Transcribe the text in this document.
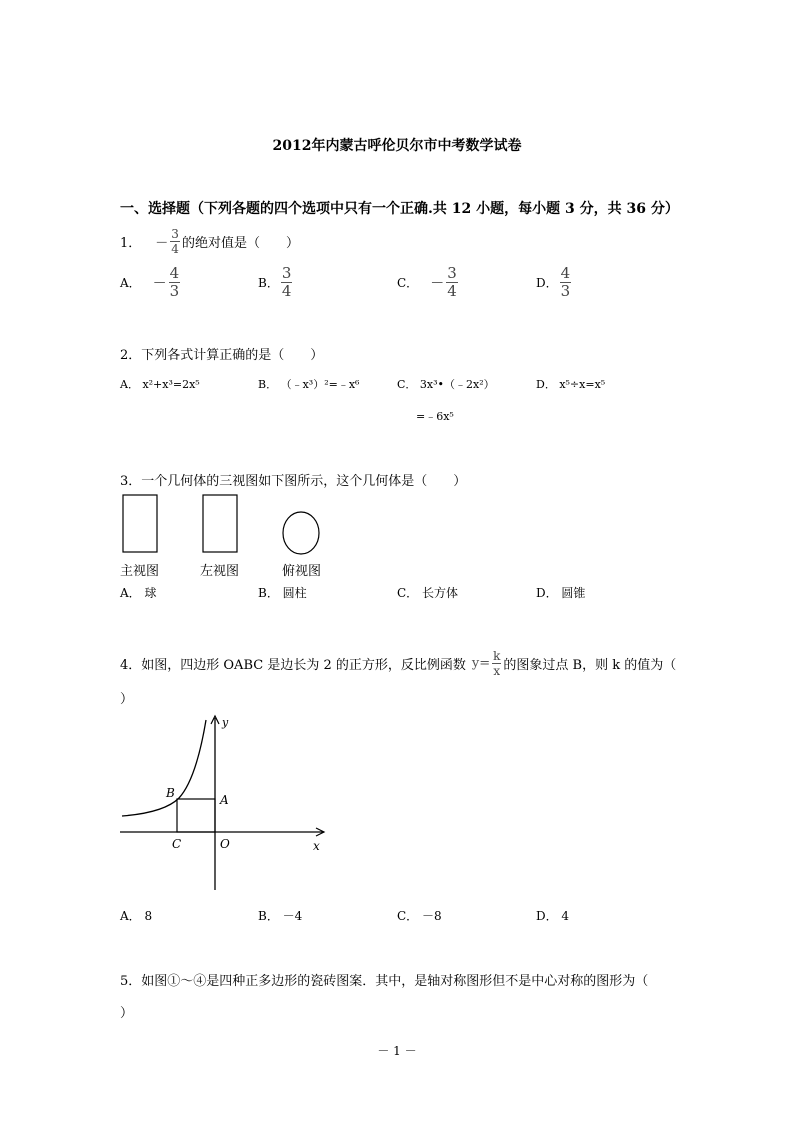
2012年内蒙古呼伦贝尔市中考数学试卷
一、选择题（下列各题的四个选项中只有一个正确.共 12 小题，每小题 3 分，共 36 分）
1． － $\frac{3}{4}$ 的绝对值是（　　）
A． － $\frac{4}{3}$	B． $\frac{3}{4}$	C． － $\frac{3}{4}$	D． $\frac{4}{3}$
2．下列各式计算正确的是（　　）
A． x²+x³=2x⁵	B． （﹣x³）²=﹣x⁶	C． 3x³•（﹣2x²）
=﹣6x⁵
D． x⁵÷x=x⁵
3．一个几何体的三视图如下图所示，这个几何体是（　　）
主视图	左视图	俯视图
A． 球	B． 圆柱	C． 长方体	D． 圆锥
4．如图，四边形 OABC 是边长为 2 的正方形，反比例函数 $y= \frac{k}{x}$ 的图象过点 B，则 k 的值为（
）
y
x
B	A
C	O
A． 8	B． －4	C． －8	D． 4
5．如图①～④是四种正多边形的瓷砖图案．其中，是轴对称图形但不是中心对称的图形为（
）
－ 1 －
